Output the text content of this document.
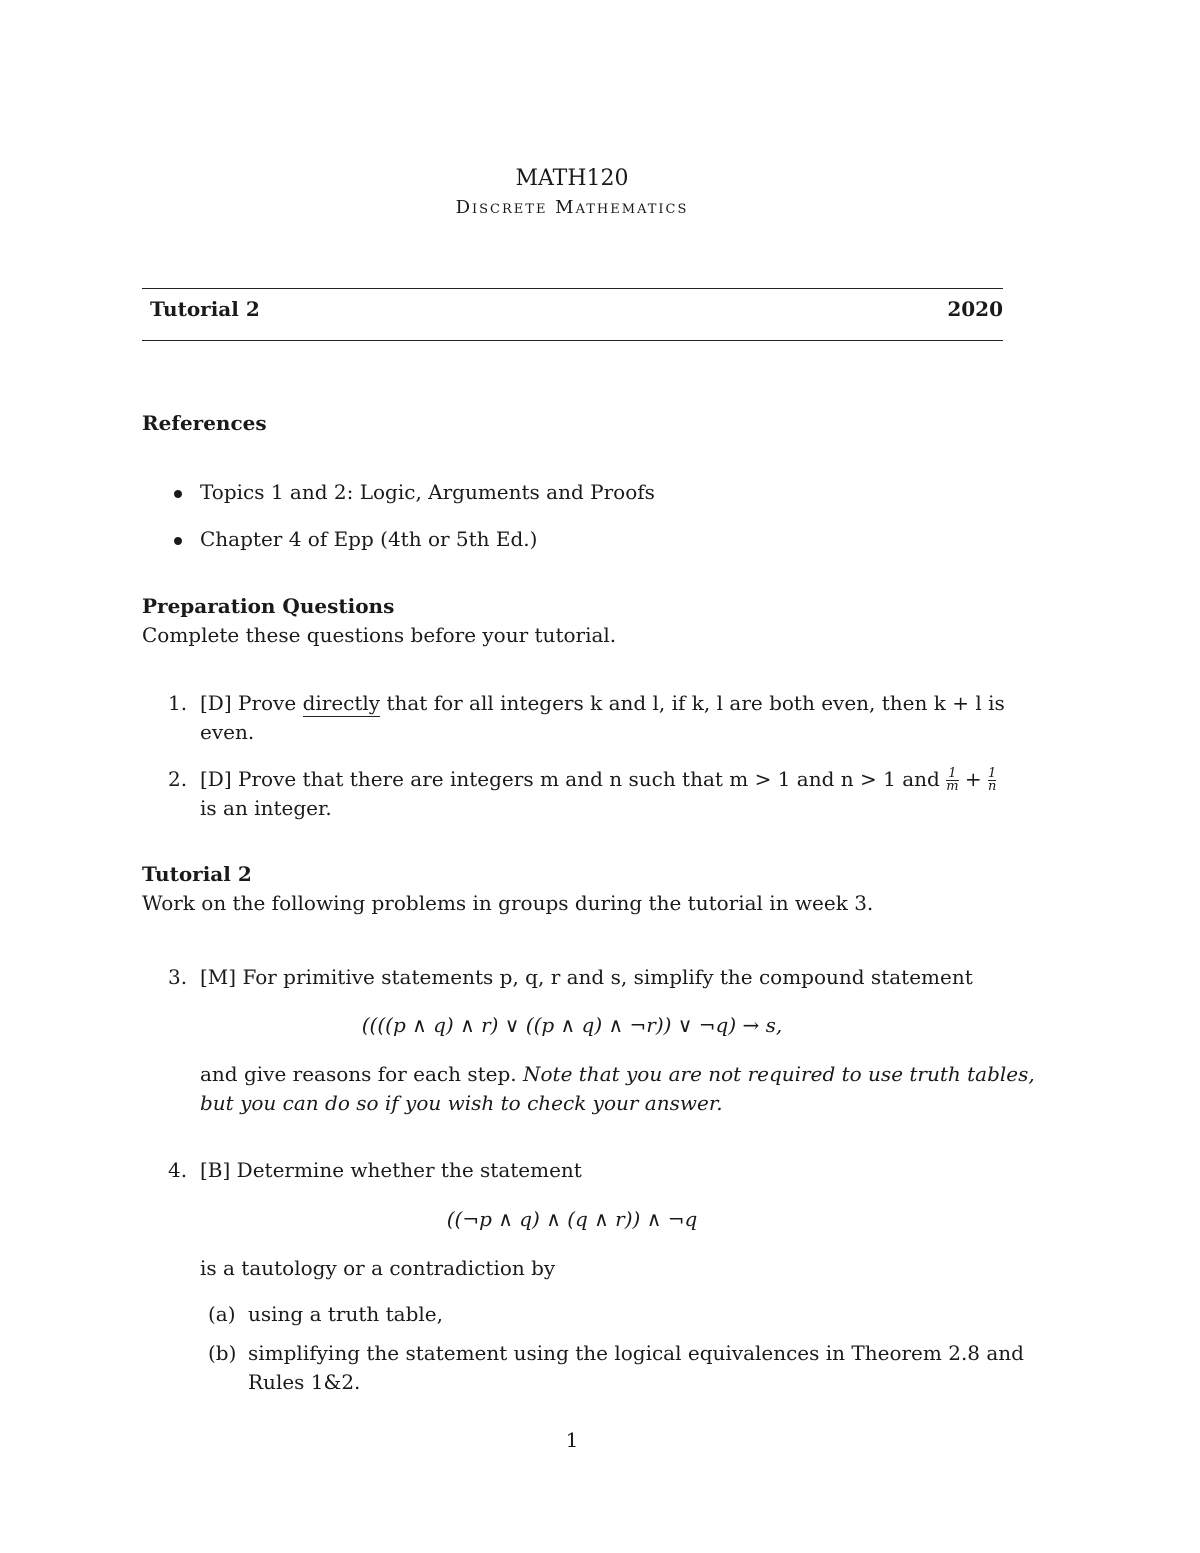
MATH120
Discrete Mathematics
Tutorial 2	2020
References
Topics 1 and 2: Logic, Arguments and Proofs
Chapter 4 of Epp (4th or 5th Ed.)
Preparation Questions
Complete these questions before your tutorial.
1. [D] Prove directly that for all integers k and l, if k, l are both even, then k + l is
even.
2. [D] Prove that there are integers m and n such that m > 1 and n > 1 and $\frac{1}{m} + \frac{1}{n}$
is an integer.
Tutorial 2
Work on the following problems in groups during the tutorial in week 3.
3. [M] For primitive statements p, q, r and s, simplify the compound statement
((((p ∧ q) ∧ r) ∨ ((p ∧ q) ∧ ¬r)) ∨ ¬q) → s,
and give reasons for each step. Note that you are not required to use truth tables,
but you can do so if you wish to check your answer.
4. [B] Determine whether the statement
((¬p ∧ q) ∧ (q ∧ r)) ∧ ¬q
is a tautology or a contradiction by
(a) using a truth table,
(b) simplifying the statement using the logical equivalences in Theorem 2.8 and
Rules 1&2.
1
